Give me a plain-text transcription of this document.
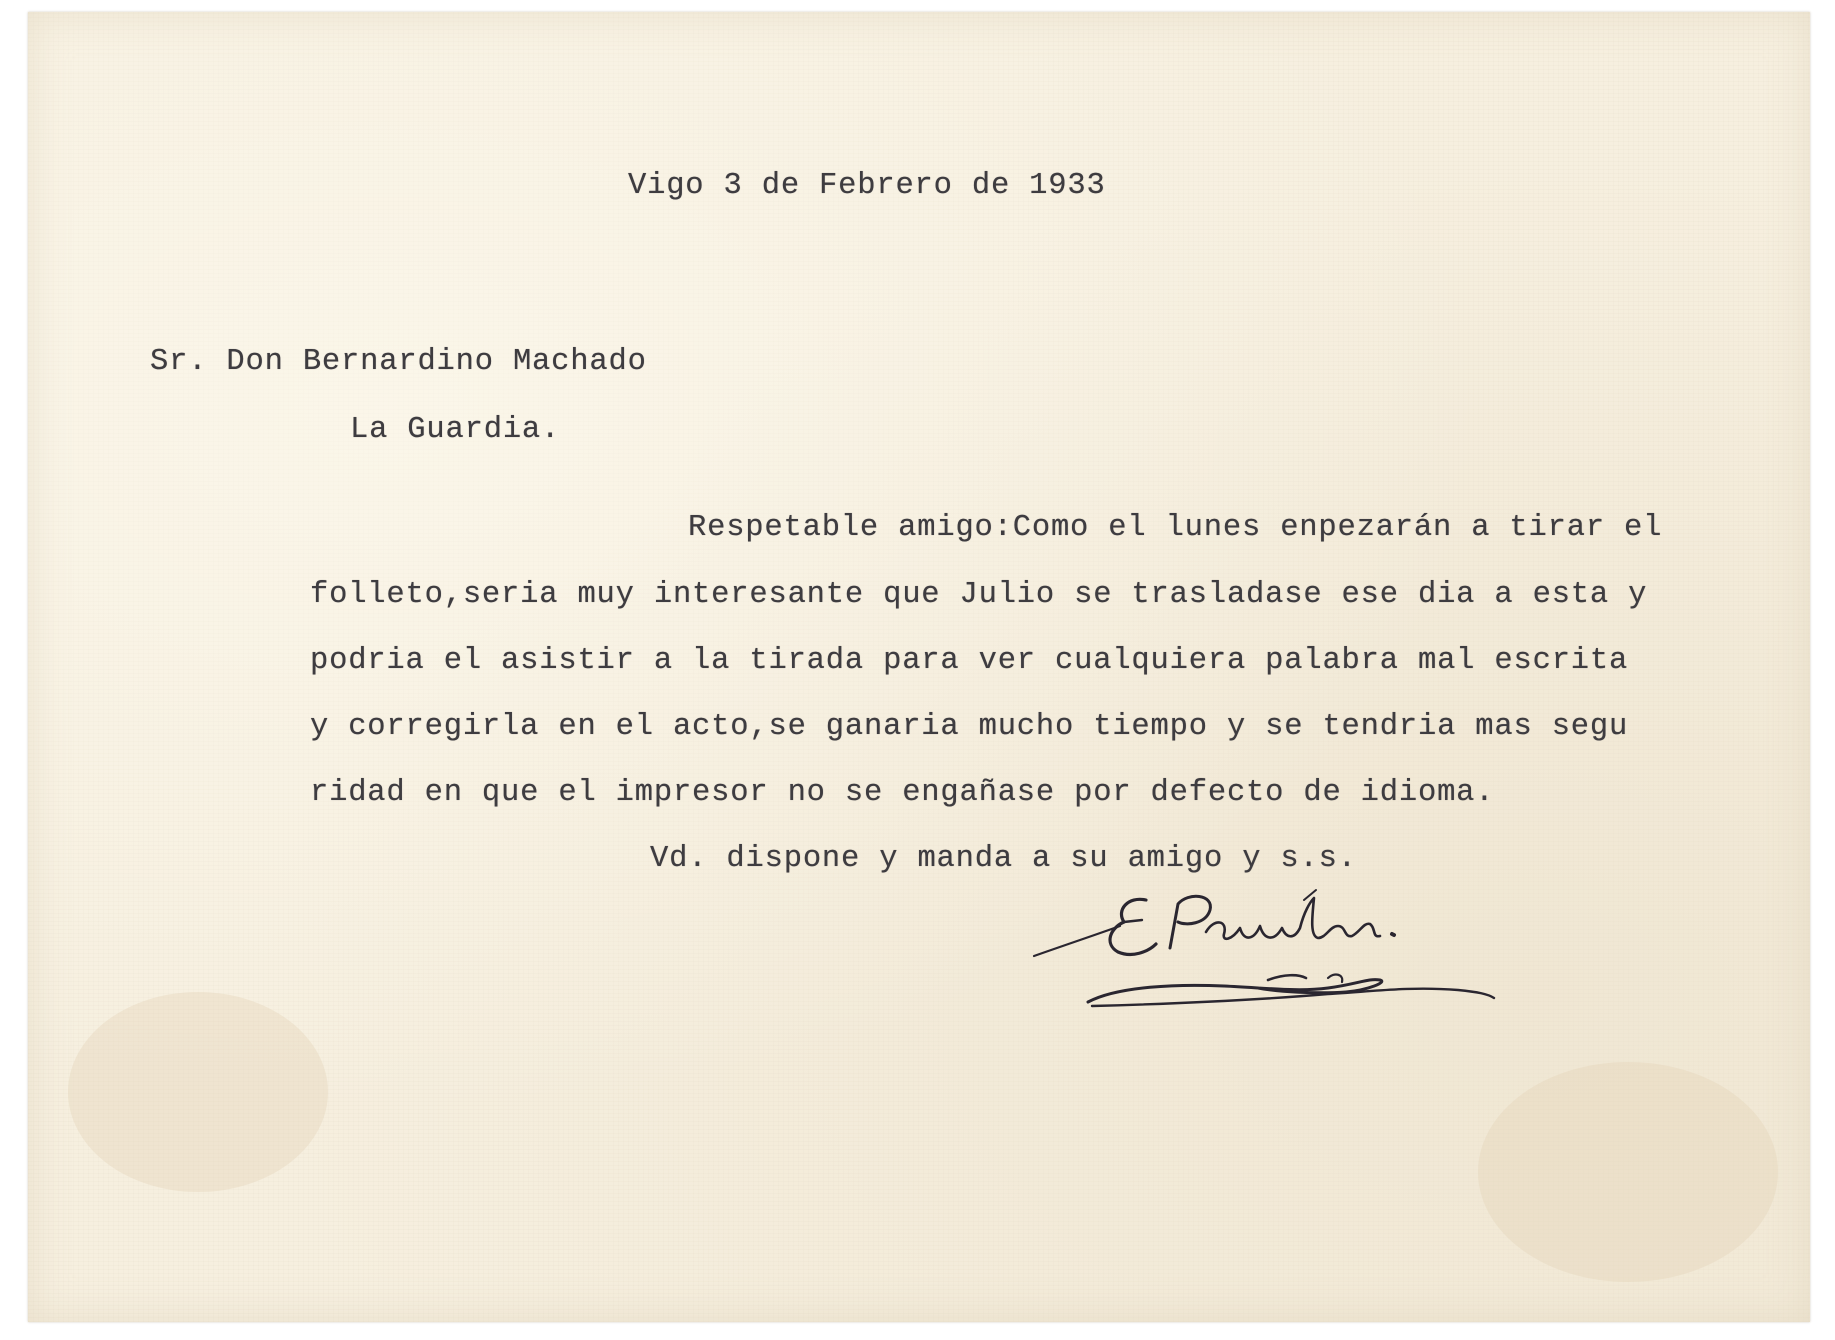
Vigo 3 de Febrero de 1933
Sr. Don Bernardino Machado
La Guardia.
Respetable amigo:Como el lunes enpezarán a tirar el
folleto,seria muy interesante que Julio se trasladase ese dia a esta y
podria el asistir a la tirada para ver cualquiera palabra mal escrita
y corregirla en el acto,se ganaria mucho tiempo y se tendria mas segu
ridad en que el impresor no se engañase por defecto de idioma.
Vd. dispone y manda a su amigo y s.s.
